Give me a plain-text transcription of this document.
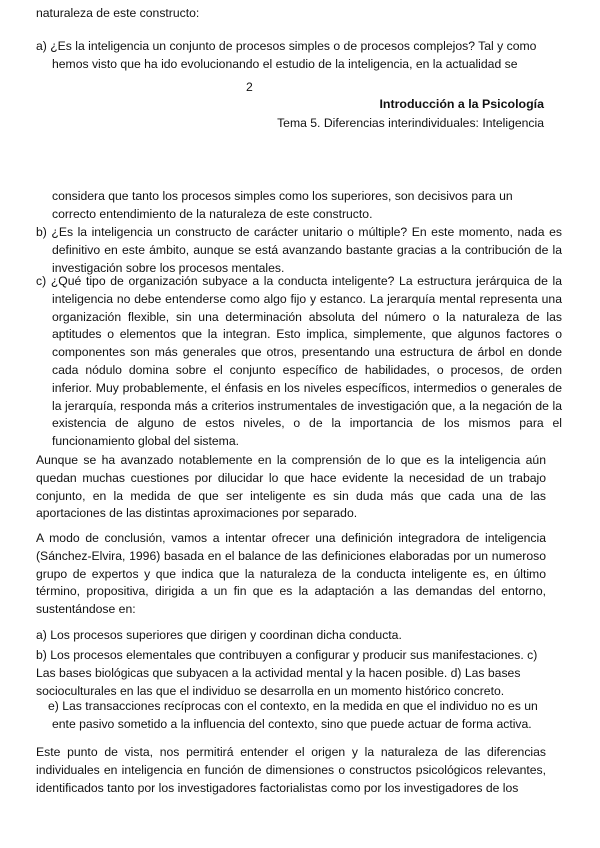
naturaleza de este constructo:
a) ¿Es la inteligencia un conjunto de procesos simples o de procesos complejos? Tal y como hemos visto que ha ido evolucionando el estudio de la inteligencia, en la actualidad se
2
Introducción a la Psicología
Tema 5. Diferencias interindividuales: Inteligencia
considera que tanto los procesos simples como los superiores, son decisivos para un correcto entendimiento de la naturaleza de este constructo.
b) ¿Es la inteligencia un constructo de carácter unitario o múltiple? En este momento, nada es definitivo en este ámbito, aunque se está avanzando bastante gracias a la contribución de la investigación sobre los procesos mentales.
c) ¿Qué tipo de organización subyace a la conducta inteligente? La estructura jerárquica de la inteligencia no debe entenderse como algo fijo y estanco. La jerarquía mental representa una organización flexible, sin una determinación absoluta del número o la naturaleza de las aptitudes o elementos que la integran. Esto implica, simplemente, que algunos factores o componentes son más generales que otros, presentando una estructura de árbol en donde cada nódulo domina sobre el conjunto específico de habilidades, o procesos, de orden inferior. Muy probablemente, el énfasis en los niveles específicos, intermedios o generales de la jerarquía, responda más a criterios instrumentales de investigación que, a la negación de la existencia de alguno de estos niveles, o de la importancia de los mismos para el funcionamiento global del sistema.
Aunque se ha avanzado notablemente en la comprensión de lo que es la inteligencia aún quedan muchas cuestiones por dilucidar lo que hace evidente la necesidad de un trabajo conjunto, en la medida de que ser inteligente es sin duda más que cada una de las aportaciones de las distintas aproximaciones por separado.
A modo de conclusión, vamos a intentar ofrecer una definición integradora de inteligencia (Sánchez-Elvira, 1996) basada en el balance de las definiciones elaboradas por un numeroso grupo de expertos y que indica que la naturaleza de la conducta inteligente es, en último término, propositiva, dirigida a un fin que es la adaptación a las demandas del entorno, sustentándose en:
a) Los procesos superiores que dirigen y coordinan dicha conducta.
b) Los procesos elementales que contribuyen a configurar y producir sus manifestaciones. c) Las bases biológicas que subyacen a la actividad mental y la hacen posible. d) Las bases socioculturales en las que el individuo se desarrolla en un momento histórico concreto.
e) Las transacciones recíprocas con el contexto, en la medida en que el individuo no es un ente pasivo sometido a la influencia del contexto, sino que puede actuar de forma activa.
Este punto de vista, nos permitirá entender el origen y la naturaleza de las diferencias individuales en inteligencia en función de dimensiones o constructos psicológicos relevantes, identificados tanto por los investigadores factorialistas como por los investigadores de los
